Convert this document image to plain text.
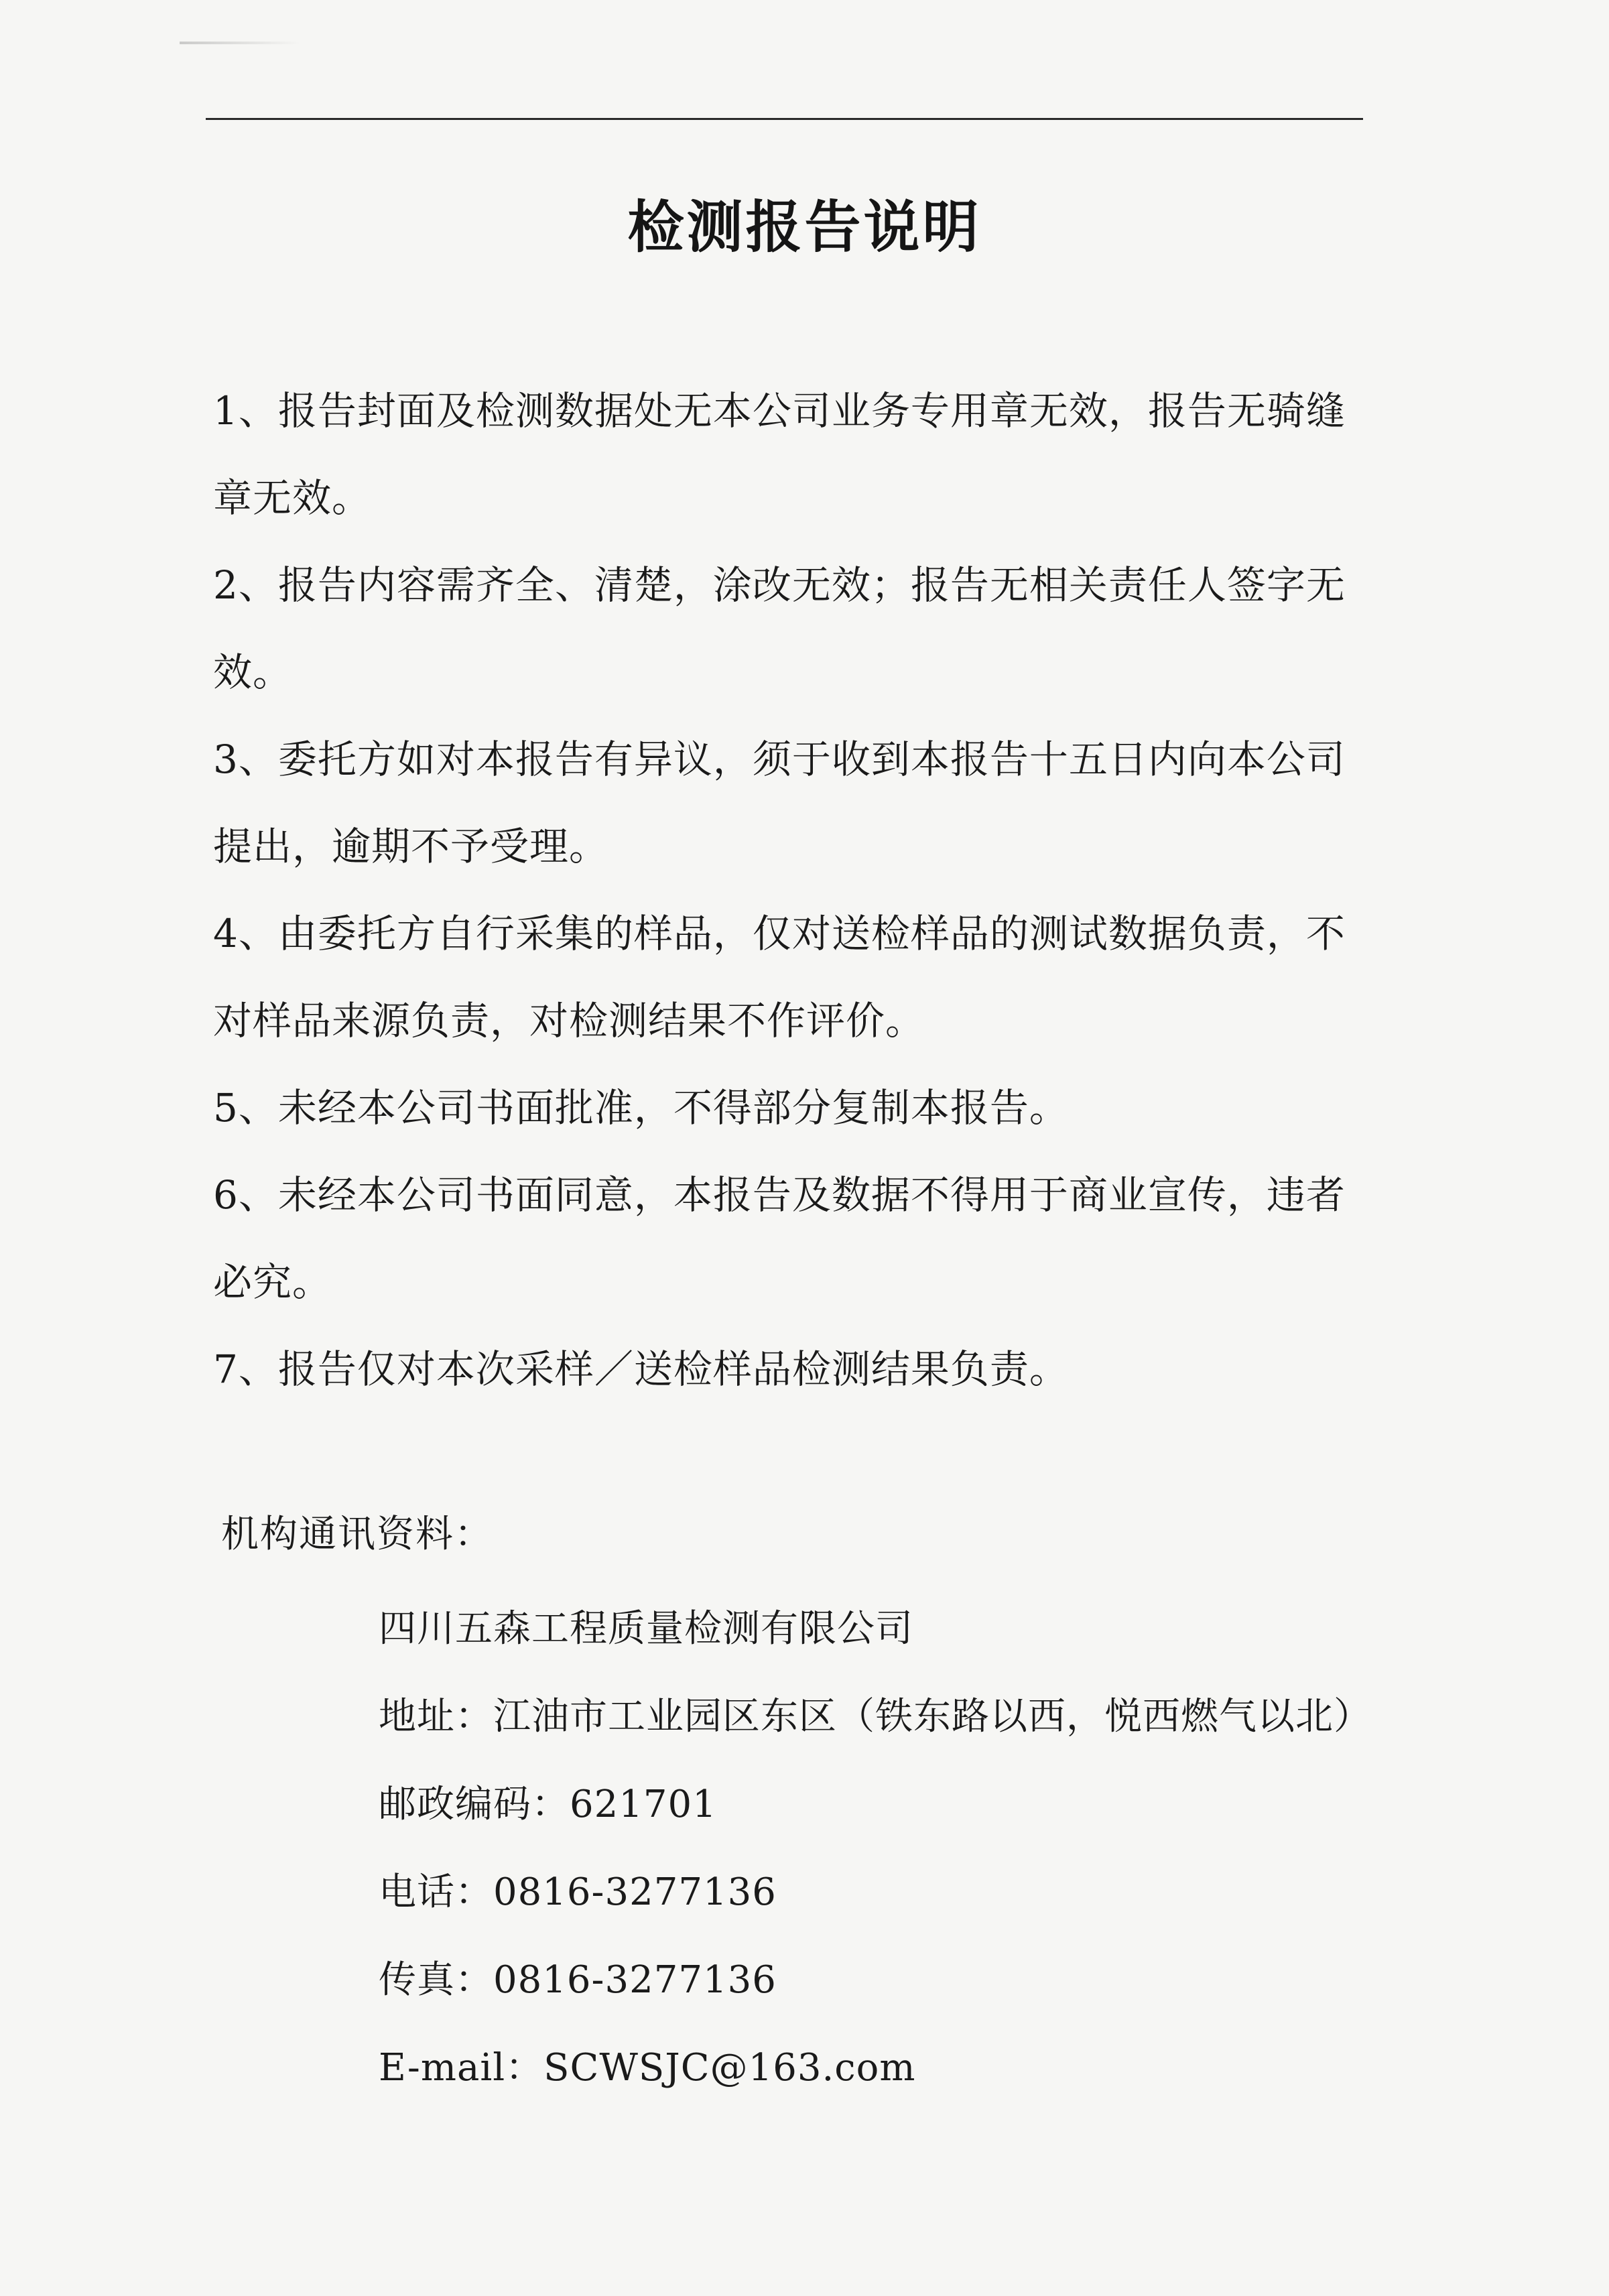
检测报告说明

1、报告封面及检测数据处无本公司业务专用章无效，报告无骑缝章无效。

2、报告内容需齐全、清楚，涂改无效；报告无相关责任人签字无效。

3、委托方如对本报告有异议，须于收到本报告十五日内向本公司提出，逾期不予受理。

4、由委托方自行采集的样品，仅对送检样品的测试数据负责，不对样品来源负责，对检测结果不作评价。

5、未经本公司书面批准，不得部分复制本报告。

6、未经本公司书面同意，本报告及数据不得用于商业宣传，违者必究。

7、报告仅对本次采样／送检样品检测结果负责。

机构通讯资料：

四川五森工程质量检测有限公司

地址：江油市工业园区东区（铁东路以西，悦西燃气以北）

邮政编码：621701

电话：0816-3277136

传真：0816-3277136

E-mail：SCWSJC@163.com
